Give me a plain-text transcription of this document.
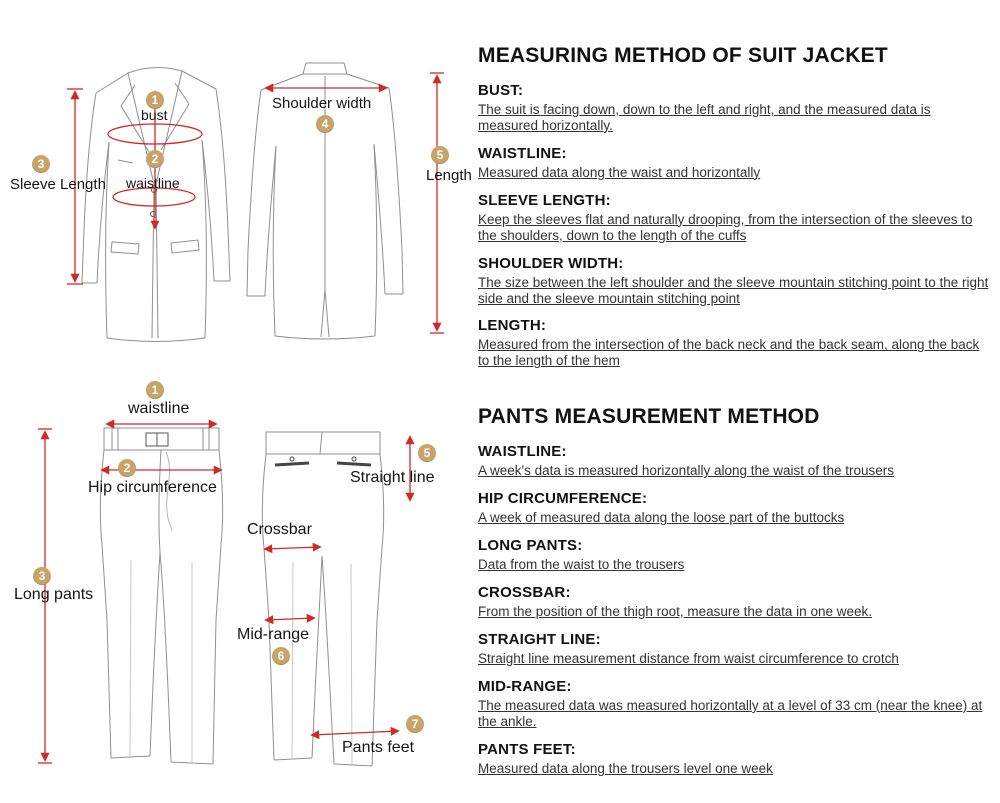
1
bust
2
waistline
3
Sleeve Length
Shoulder width
4
5
Length
1
waistline
2
Hip circumference
3
Long pants
5
Straight line
Crossbar
Mid-range
6
7
Pants feet
MEASURING METHOD OF SUIT JACKET
BUST:

The suit is facing down, down to the left and right, and the measured data is measured horizontally.

WAISTLINE:

Measured data along the waist and horizontally

SLEEVE LENGTH:

Keep the sleeves flat and naturally drooping, from the intersection of the sleeves to the shoulders, down to the length of the cuffs

SHOULDER WIDTH:

The size between the left shoulder and the sleeve mountain stitching point to the right side and the sleeve mountain stitching point

LENGTH:

Measured from the intersection of the back neck and the back seam, along the back to the length of the hem

PANTS MEASUREMENT METHOD
WAISTLINE:

A week's data is measured horizontally along the waist of the trousers

HIP CIRCUMFERENCE:

A week of measured data along the loose part of the buttocks

LONG PANTS:

Data from the waist to the trousers

CROSSBAR:

From the position of the thigh root, measure the data in one week.

STRAIGHT LINE:

Straight line measurement distance from waist circumference to crotch

MID-RANGE:

The measured data was measured horizontally at a level of 33 cm (near the knee) at the ankle.

PANTS FEET:

Measured data along the trousers level one week
